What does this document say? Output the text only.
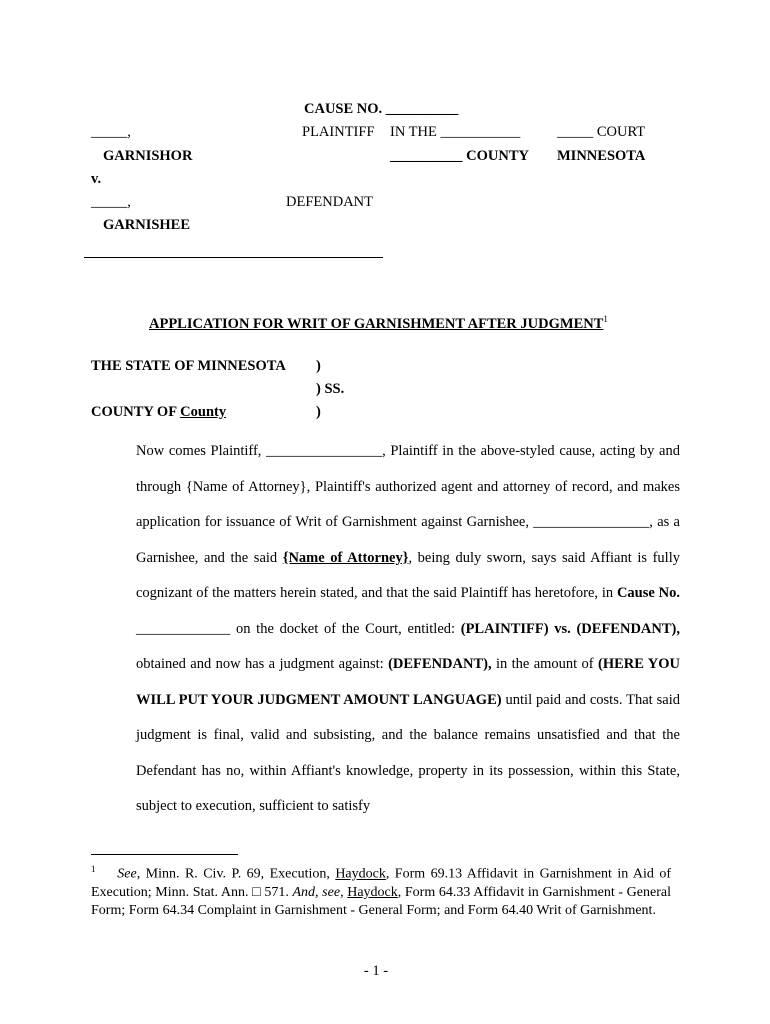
CAUSE NO. __________
_____,	PLAINTIFF IN THE ___________	_____ COURT
GARNISHOR	__________ COUNTY MINNESOTA
v.
_____,	DEFENDANT
GARNISHEE
APPLICATION FOR WRIT OF GARNISHMENT AFTER JUDGMENT$^1$
THE STATE OF MINNESOTA )
) SS.
COUNTY OF County	)

Now comes Plaintiff, ________________, Plaintiff in the above-styled cause, acting by and through {Name of Attorney}, Plaintiff's authorized agent and attorney of record, and makes application for issuance of Writ of Garnishment against Garnishee, ________________, as a Garnishee, and the said {Name of Attorney}, being duly sworn, says said Affiant is fully cognizant of the matters herein stated, and that the said Plaintiff has heretofore, in Cause No. _____________ on the docket of the Court, entitled: (PLAINTIFF) vs. (DEFENDANT), obtained and now has a judgment against: (DEFENDANT), in the amount of (HERE YOU WILL PUT YOUR JUDGMENT AMOUNT LANGUAGE) until paid and costs. That said judgment is final, valid and subsisting, and the balance remains unsatisfied and that the Defendant has no, within Affiant's knowledge, property in its possession, within this State, subject to execution, sufficient to satisfy

$^1$ See, Minn. R. Civ. P. 69, Execution, Haydock, Form 69.13 Affidavit in Garnishment in Aid of Execution; Minn. Stat. Ann. □ 571. And, see, Haydock, Form 64.33 Affidavit in Garnishment - General Form; Form 64.34 Complaint in Garnishment - General Form; and Form 64.40 Writ of Garnishment.
- 1 -
